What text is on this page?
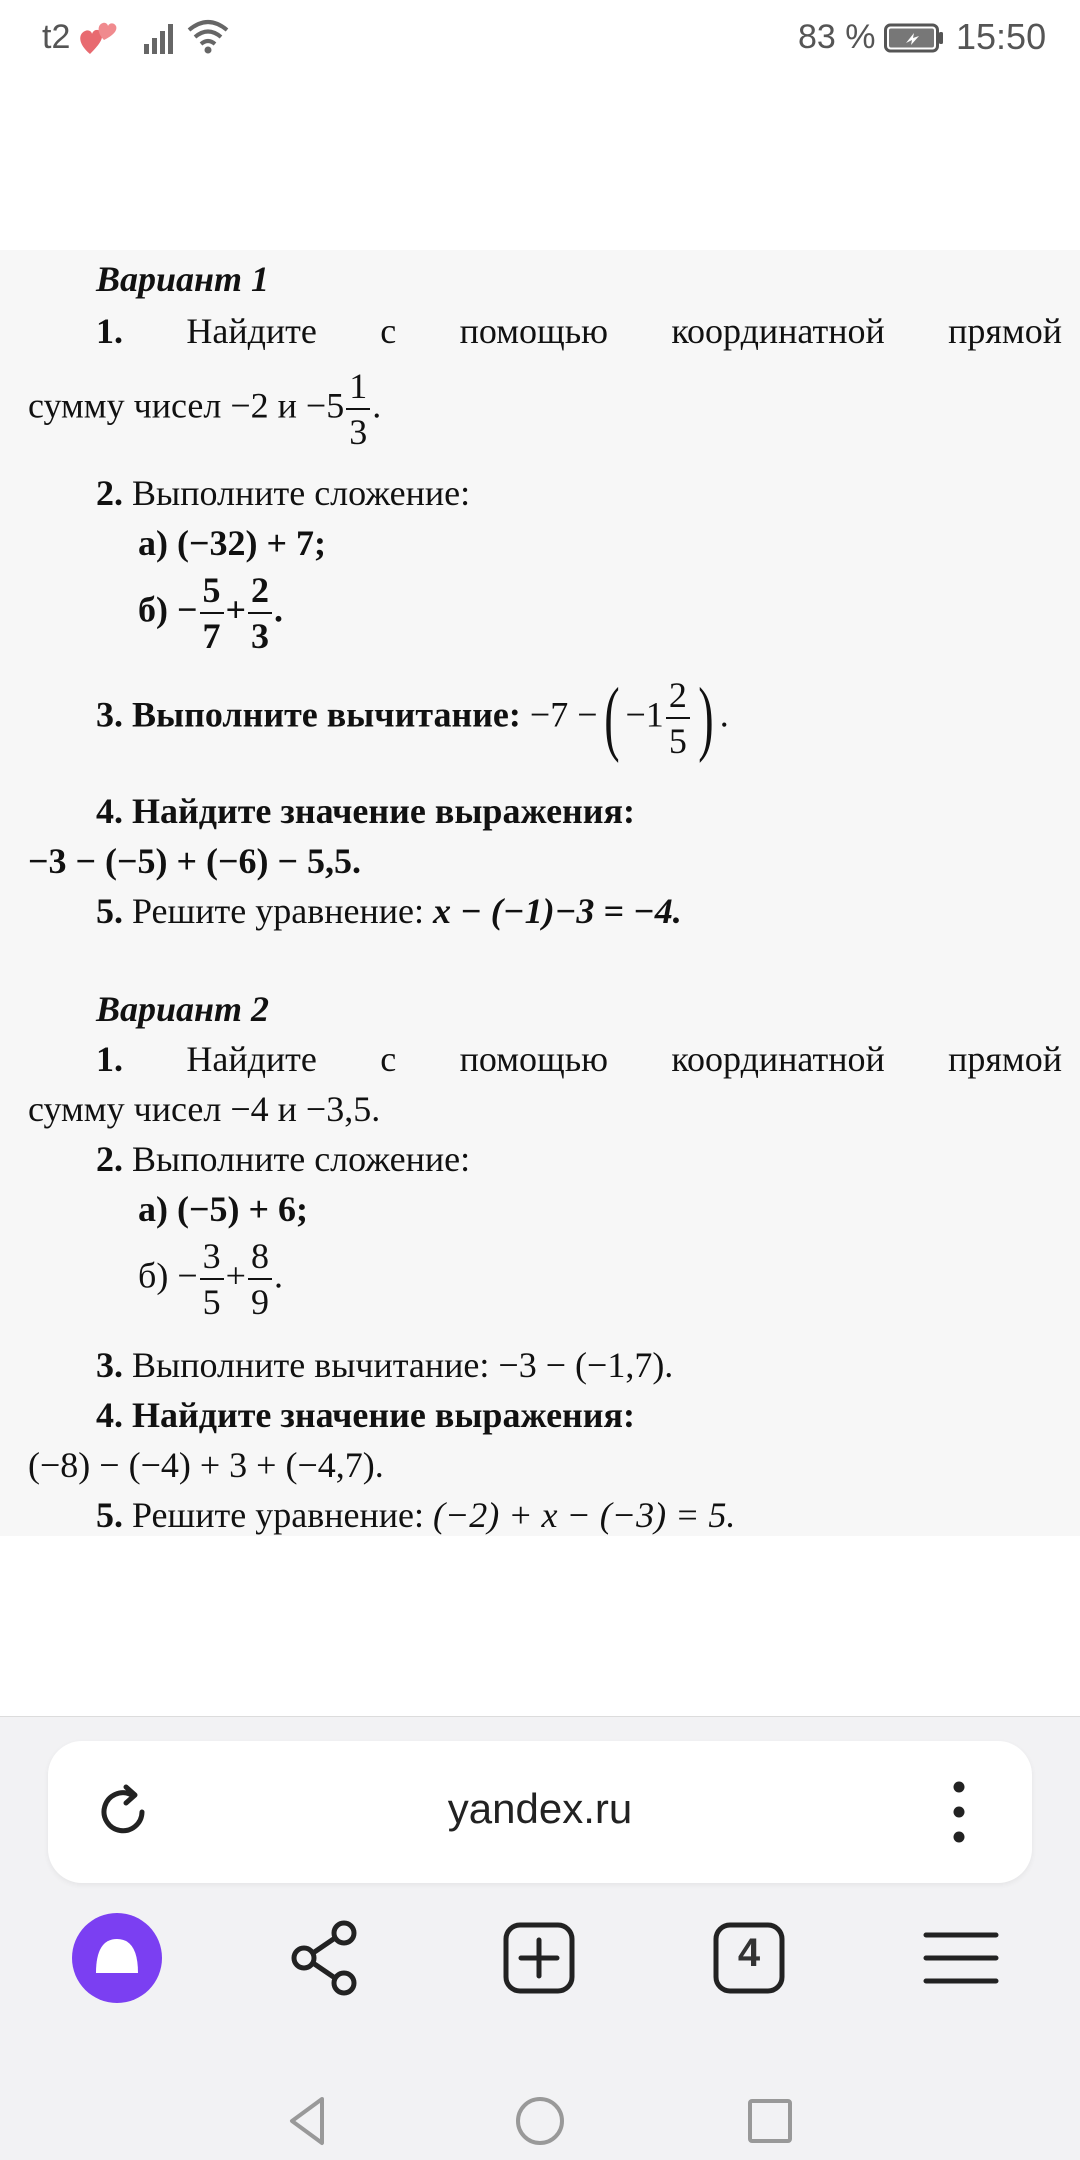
t2	83 % 15:50
Вариант 1
1. Найдите с помощью координатной прямой
сумму чисел −2 $и -5 \frac{1}{3}$ .
2. Выполните сложение:
а) (−32) + 7;
$б) - \frac{5}{7} + \frac{2}{3}$ .
3. Выполните вычитание: −7 −( $-1 \frac{2}{5}$ ) .
4. Найдите значение выражения:
−3 − (−5) + (−6) − 5,5.
5. Решите уравнение: x − (−1)−3 = −4.
Вариант 2
1. Найдите с помощью координатной прямой
сумму чисел −4 и −3,5.
2. Выполните сложение:
а) (−5) + 6;
$б) - \frac{3}{5} + \frac{8}{9}$ .
3. Выполните вычитание: −3 − (−1,7).
4. Найдите значение выражения:
(−8) − (−4) + 3 + (−4,7).
5. Решите уравнение: (−2) + x − (−3) = 5.
yandex.ru
4
